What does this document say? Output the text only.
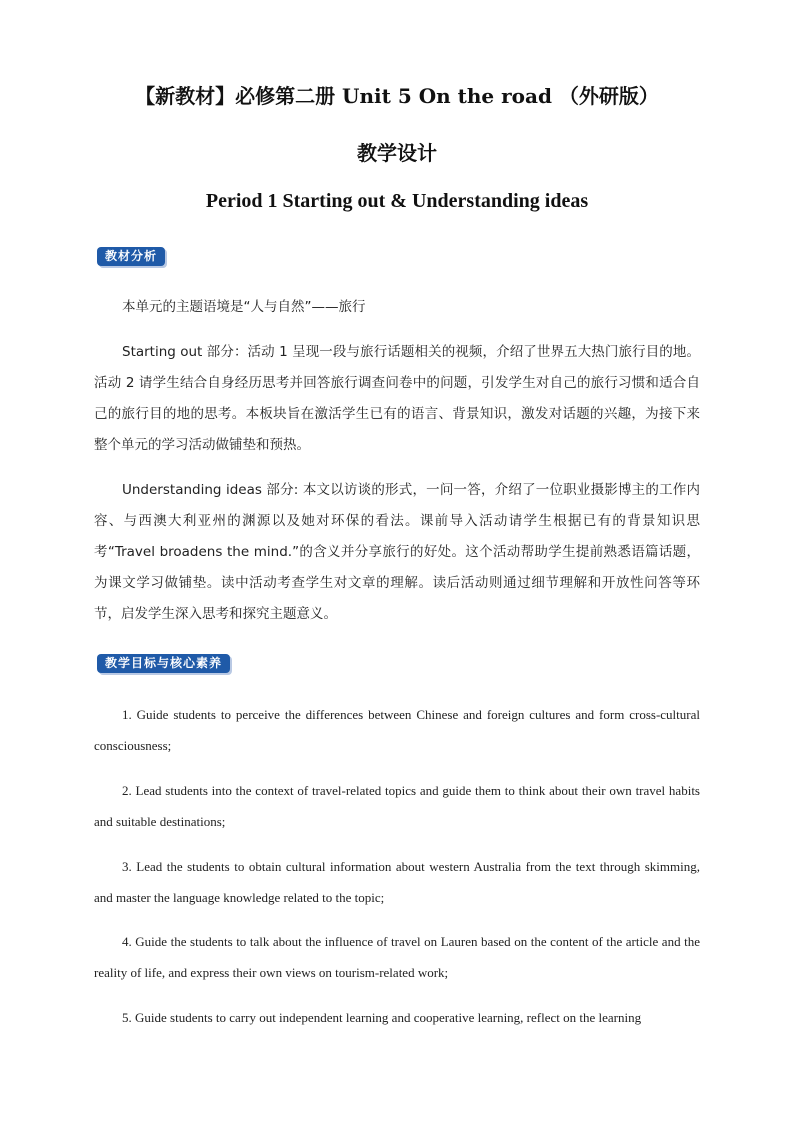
【新教材】必修第二册 Unit 5 On the road （外研版）
教学设计
Period 1 Starting out & Understanding ideas
教材分析
本单元的主题语境是“人与自然”——旅行
Starting out 部分：活动 1 呈现一段与旅行话题相关的视频，介绍了世界五大热门旅行目的地。活动 2 请学生结合自身经历思考并回答旅行调查问卷中的问题，引发学生对自己的旅行习惯和适合自己的旅行目的地的思考。本板块旨在激活学生已有的语言、背景知识，激发对话题的兴趣，为接下来整个单元的学习活动做铺垫和预热。
Understanding ideas 部分: 本文以访谈的形式，一问一答，介绍了一位职业摄影博主的工作内容、与西澳大利亚州的渊源以及她对环保的看法。课前导入活动请学生根据已有的背景知识思考“Travel broadens the mind.”的含义并分享旅行的好处。这个活动帮助学生提前熟悉语篇话题，为课文学习做铺垫。读中活动考查学生对文章的理解。读后活动则通过细节理解和开放性问答等环节，启发学生深入思考和探究主题意义。
教学目标与核心素养
1. Guide students to perceive the differences between Chinese and foreign cultures and form cross-cultural consciousness;
2. Lead students into the context of travel-related topics and guide them to think about their own travel habits and suitable destinations;
3. Lead the students to obtain cultural information about western Australia from the text through skimming, and master the language knowledge related to the topic;
4. Guide the students to talk about the influence of travel on Lauren based on the content of the article and the reality of life, and express their own views on tourism-related work;
5. Guide students to carry out independent learning and cooperative learning, reflect on the learning
